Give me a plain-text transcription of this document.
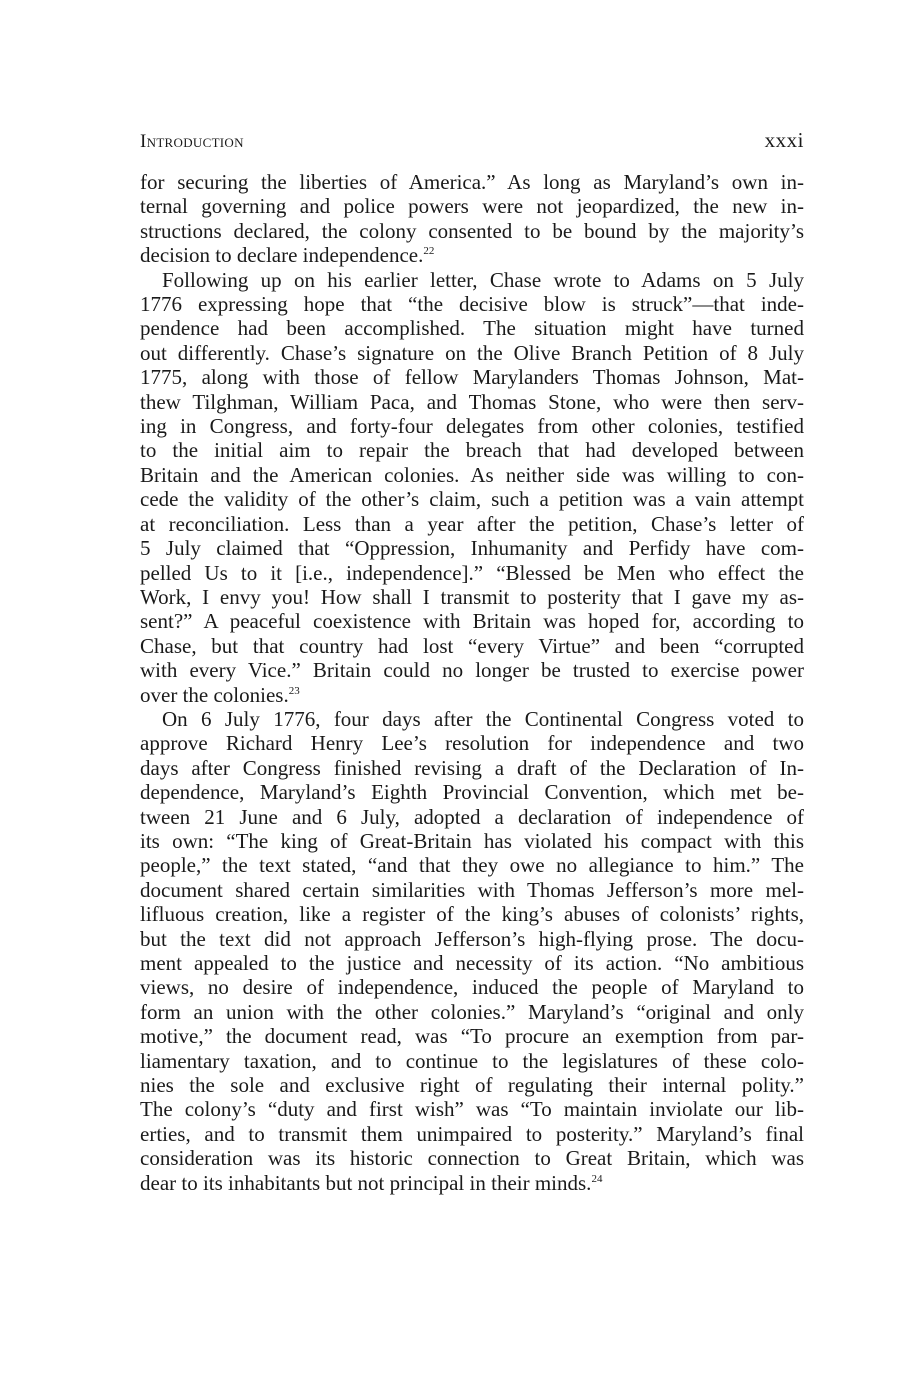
Introduction	xxxi

for securing the liberties of America.” As long as Maryland’s own in-
ternal governing and police powers were not jeopardized, the new in-
structions declared, the colony consented to be bound by the majority’s
decision to declare independence.$^{22}$

Following up on his earlier letter, Chase wrote to Adams on 5 July
1776 expressing hope that “the decisive blow is struck”—that inde-
pendence had been accomplished. The situation might have turned
out differently. Chase’s signature on the Olive Branch Petition of 8 July
1775, along with those of fellow Marylanders Thomas Johnson, Mat-
thew Tilghman, William Paca, and Thomas Stone, who were then serv-
ing in Congress, and forty-four delegates from other colonies, testified
to the initial aim to repair the breach that had developed between
Britain and the American colonies. As neither side was willing to con-
cede the validity of the other’s claim, such a petition was a vain attempt
at reconciliation. Less than a year after the petition, Chase’s letter of
5 July claimed that “Oppression, Inhumanity and Perfidy have com-
pelled Us to it [i.e., independence].” “Blessed be Men who effect the
Work, I envy you! How shall I transmit to posterity that I gave my as-
sent?” A peaceful coexistence with Britain was hoped for, according to
Chase, but that country had lost “every Virtue” and been “corrupted
with every Vice.” Britain could no longer be trusted to exercise power
over the colonies.$^{23}$

On 6 July 1776, four days after the Continental Congress voted to
approve Richard Henry Lee’s resolution for independence and two
days after Congress finished revising a draft of the Declaration of In-
dependence, Maryland’s Eighth Provincial Convention, which met be-
tween 21 June and 6 July, adopted a declaration of independence of
its own: “The king of Great-Britain has violated his compact with this
people,” the text stated, “and that they owe no allegiance to him.” The
document shared certain similarities with Thomas Jefferson’s more mel-
lifluous creation, like a register of the king’s abuses of colonists’ rights,
but the text did not approach Jefferson’s high-flying prose. The docu-
ment appealed to the justice and necessity of its action. “No ambitious
views, no desire of independence, induced the people of Maryland to
form an union with the other colonies.” Maryland’s “original and only
motive,” the document read, was “To procure an exemption from par-
liamentary taxation, and to continue to the legislatures of these colo-
nies the sole and exclusive right of regulating their internal polity.”
The colony’s “duty and first wish” was “To maintain inviolate our lib-
erties, and to transmit them unimpaired to posterity.” Maryland’s final
consideration was its historic connection to Great Britain, which was
dear to its inhabitants but not principal in their minds.$^{24}$
